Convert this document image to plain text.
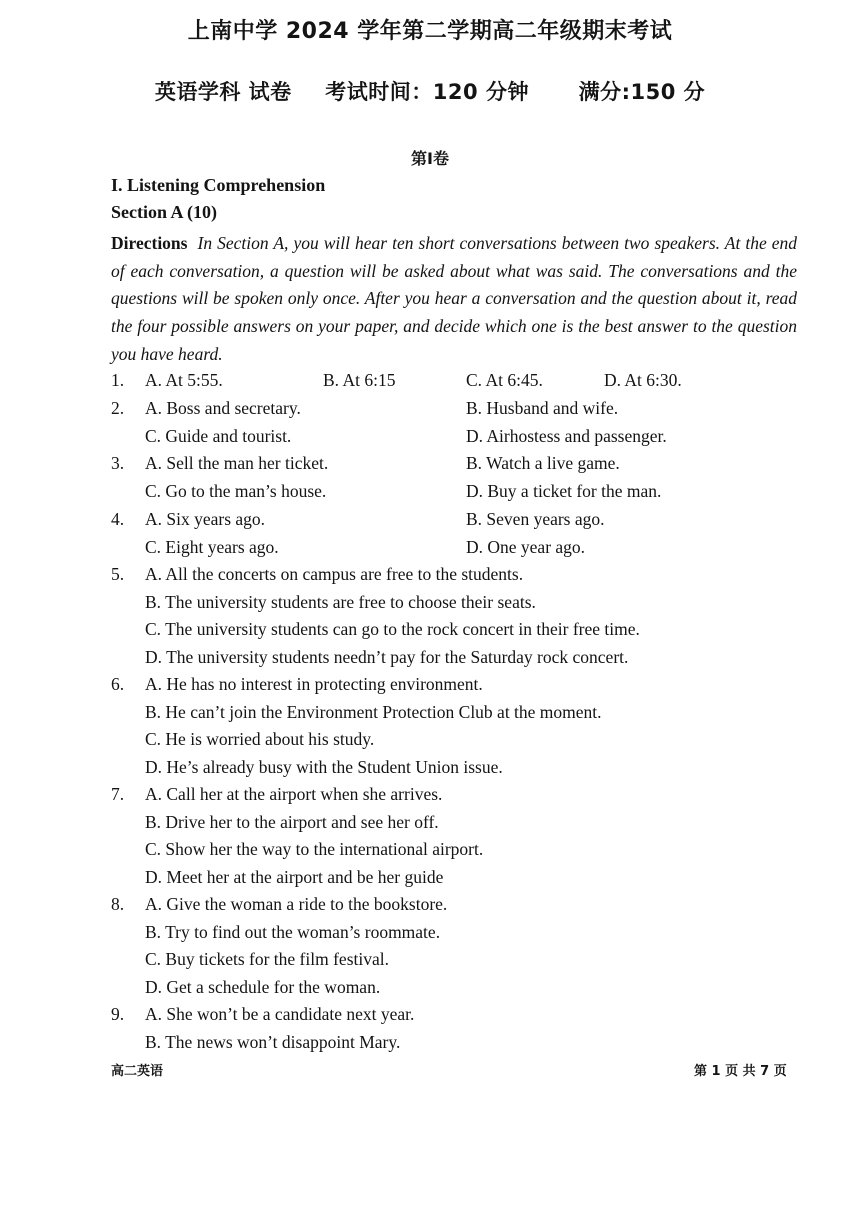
上南中学 2024 学年第二学期高二年级期末考试
英语学科 试卷 考试时间：120 分钟 满分:150 分
第I卷
I. Listening Comprehension
Section A (10)
Directions In Section A, you will hear ten short conversations between two speakers. At the end of each conversation, a question will be asked about what was said. The conversations and the questions will be spoken only once. After you hear a conversation and the question about it, read the four possible answers on your paper, and decide which one is the best answer to the question you have heard.
1. A. At 5:55.	B. At 6:15	C. At 6:45.	D. At 6:30.
2. A. Boss and secretary.	B. Husband and wife.
C. Guide and tourist.	D. Airhostess and passenger.
3. A. Sell the man her ticket.	B. Watch a live game.
C. Go to the man’s house.	D. Buy a ticket for the man.
4. A. Six years ago.	B. Seven years ago.
C. Eight years ago.	D. One year ago.
5. A. All the concerts on campus are free to the students.
B. The university students are free to choose their seats.
C. The university students can go to the rock concert in their free time.
D. The university students needn’t pay for the Saturday rock concert.
6. A. He has no interest in protecting environment.
B. He can’t join the Environment Protection Club at the moment.
C. He is worried about his study.
D. He’s already busy with the Student Union issue.
7. A. Call her at the airport when she arrives.
B. Drive her to the airport and see her off.
C. Show her the way to the international airport.
D. Meet her at the airport and be her guide
8. A. Give the woman a ride to the bookstore.
B. Try to find out the woman’s roommate.
C. Buy tickets for the film festival.
D. Get a schedule for the woman.
9. A. She won’t be a candidate next year.
B. The news won’t disappoint Mary.
高二英语	第 1 页 共 7 页
